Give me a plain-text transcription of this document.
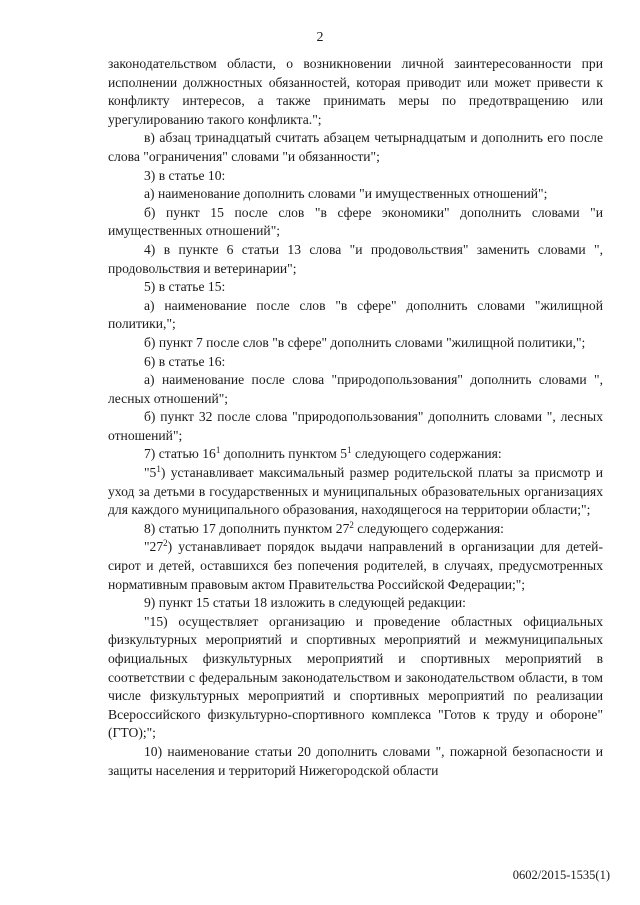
2

законодательством области, о возникновении личной заинтересованности при исполнении должностных обязанностей, которая приводит или может привести к конфликту интересов, а также принимать меры по предотвращению или урегулированию такого конфликта.";

в) абзац тринадцатый считать абзацем четырнадцатым и дополнить его после слова "ограничения" словами "и обязанности";

3) в статье 10:

а) наименование дополнить словами "и имущественных отношений";

б) пункт 15 после слов "в сфере экономики" дополнить словами "и имущественных отношений";

4) в пункте 6 статьи 13 слова "и продовольствия" заменить словами ", продовольствия и ветеринарии";

5) в статье 15:

а) наименование после слов "в сфере" дополнить словами "жилищной политики,";

б) пункт 7 после слов "в сфере" дополнить словами "жилищной политики,";

6) в статье 16:

а) наименование после слова "природопользования" дополнить словами ", лесных отношений";

б) пункт 32 после слова "природопользования" дополнить словами ", лесных отношений";

7) статью $16^1$ дополнить пунктом $5^1$ следующего содержания:

"$5^1$) устанавливает максимальный размер родительской платы за присмотр и уход за детьми в государственных и муниципальных образовательных организациях для каждого муниципального образования, находящегося на территории области;";

8) статью 17 дополнить пунктом $27^2$ следующего содержания:

"$27^2$) устанавливает порядок выдачи направлений в организации для детей-сирот и детей, оставшихся без попечения родителей, в случаях, предусмотренных нормативным правовым актом Правительства Российской Федерации;";

9) пункт 15 статьи 18 изложить в следующей редакции:

"15) осуществляет организацию и проведение областных официальных физкультурных мероприятий и спортивных мероприятий и межмуниципальных официальных физкультурных мероприятий и спортивных мероприятий в соответствии с федеральным законодательством и законодательством области, в том числе физкультурных мероприятий и спортивных мероприятий по реализации Всероссийского физкультурно-спортивного комплекса "Готов к труду и обороне" (ГТО);";

10) наименование статьи 20 дополнить словами ", пожарной безопасности и защиты населения и территорий Нижегородской области

0602/2015-1535(1)
